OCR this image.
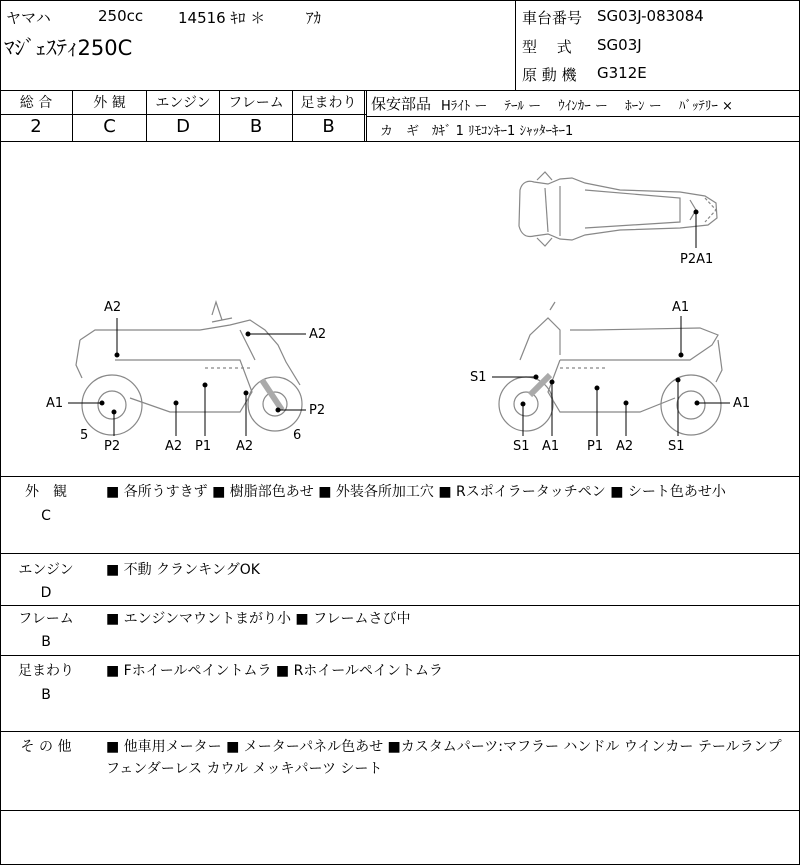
ヤマハ	250cc 14516 ｷﾛ ＊	ｱｶ
ﾏｼﾞｪｽﾃｨ250C
車台番号 SG03J-083084
型　 式 SG03J
原 動 機 G312E
総 合	外 観	エンジン	フレーム	足まわり
2	C	D	B	B
保安部品 Hﾗｲﾄ ー　 ﾃｰﾙ ー　 ｳｲﾝｶｰ ー　 ﾎｰﾝ ー　 ﾊﾞｯﾃﾘｰ ×
カ　ギ ｶｷﾞ 1 ﾘﾓｺﾝｷｰ1 ｼｬｯﾀｰｷｰ1
P2A1
A2
A2
A1	P2
5
P2	A2 P1 A2
6
A1
S1
A1
S1 A1 P1 A2	S1
外　観
C
■ 各所うすきず ■ 樹脂部色あせ ■ 外装各所加工穴 ■ Rスポイラータッチペン ■ シート色あせ小
エンジン
D
■ 不動 クランキングOK
フレーム
B
■ エンジンマウントまがり小 ■ フレームさび中
足まわり
B
■ Fホイールペイントムラ ■ Rホイールペイントムラ
そ の 他	■ 他車用メーター ■ メーターパネル色あせ ■カスタムパーツ:マフラー ハンドル ウインカー テールランプ フェンダーレス カウル メッキパーツ シート
